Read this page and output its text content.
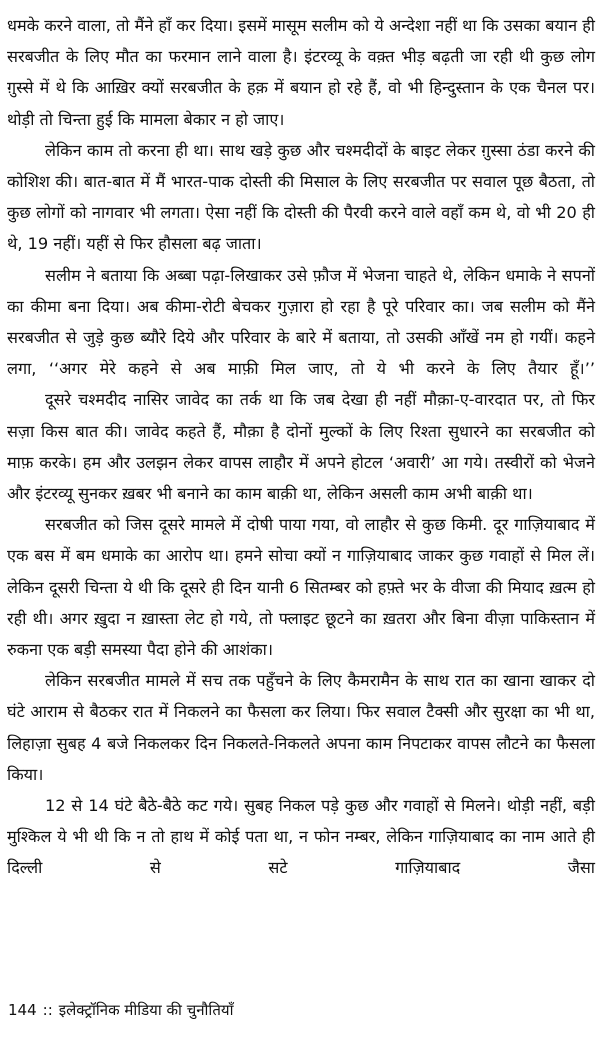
धमके करने वाला, तो मैंने हाँ कर दिया। इसमें मासूम सलीम को ये अन्देशा नहीं था कि उसका बयान ही सरबजीत के लिए मौत का फरमान लाने वाला है। इंटरव्यू के वक़्त भीड़ बढ़ती जा रही थी कुछ लोग ग़ुस्से में थे कि आख़िर क्यों सरबजीत के हक़ में बयान हो रहे हैं, वो भी हिन्दुस्तान के एक चैनल पर। थोड़ी तो चिन्ता हुई कि मामला बेकार न हो जाए।

लेकिन काम तो करना ही था। साथ खड़े कुछ और चश्मदीदों के बाइट लेकर ग़ुस्सा ठंडा करने की कोशिश की। बात-बात में मैं भारत-पाक दोस्ती की मिसाल के लिए सरबजीत पर सवाल पूछ बैठता, तो कुछ लोगों को नागवार भी लगता। ऐसा नहीं कि दोस्ती की पैरवी करने वाले वहाँ कम थे, वो भी 20 ही थे, 19 नहीं। यहीं से फिर हौसला बढ़ जाता।

सलीम ने बताया कि अब्बा पढ़ा-लिखाकर उसे फ़ौज में भेजना चाहते थे, लेकिन धमाके ने सपनों का कीमा बना दिया। अब कीमा-रोटी बेचकर गुज़ारा हो रहा है पूरे परिवार का। जब सलीम को मैंने सरबजीत से जुड़े कुछ ब्यौरे दिये और परिवार के बारे में बताया, तो उसकी आँखें नम हो गयीं। कहने लगा, ‘‘अगर मेरे कहने से अब माफ़ी मिल जाए, तो ये भी करने के लिए तैयार हूँ।’’

दूसरे चश्मदीद नासिर जावेद का तर्क था कि जब देखा ही नहीं मौक़ा-ए-वारदात पर, तो फिर सज़ा किस बात की। जावेद कहते हैं, मौक़ा है दोनों मुल्कों के लिए रिश्ता सुधारने का सरबजीत को माफ़ करके। हम और उलझन लेकर वापस लाहौर में अपने होटल ‘अवारी’ आ गये। तस्वीरों को भेजने और इंटरव्यू सुनकर ख़बर भी बनाने का काम बाक़ी था, लेकिन असली काम अभी बाक़ी था।

सरबजीत को जिस दूसरे मामले में दोषी पाया गया, वो लाहौर से कुछ किमी. दूर गाज़ियाबाद में एक बस में बम धमाके का आरोप था। हमने सोचा क्यों न गाज़ियाबाद जाकर कुछ गवाहों से मिल लें। लेकिन दूसरी चिन्ता ये थी कि दूसरे ही दिन यानी 6 सितम्बर को हफ़्ते भर के वीजा की मियाद ख़त्म हो रही थी। अगर ख़ुदा न ख़ास्ता लेट हो गये, तो फ्लाइट छूटने का ख़तरा और बिना वीज़ा पाकिस्तान में रुकना एक बड़ी समस्या पैदा होने की आशंका।

लेकिन सरबजीत मामले में सच तक पहुँचने के लिए कैमरामैन के साथ रात का खाना खाकर दो घंटे आराम से बैठकर रात में निकलने का फैसला कर लिया। फिर सवाल टैक्सी और सुरक्षा का भी था, लिहाज़ा सुबह 4 बजे निकलकर दिन निकलते-निकलते अपना काम निपटाकर वापस लौटने का फैसला किया।

12 से 14 घंटे बैठे-बैठे कट गये। सुबह निकल पड़े कुछ और गवाहों से मिलने। थोड़ी नहीं, बड़ी मुश्किल ये भी थी कि न तो हाथ में कोई पता था, न फोन नम्बर, लेकिन गाज़ियाबाद का नाम आते ही दिल्ली से सटे गाज़ियाबाद जैसा

144 :: इलेक्ट्रॉनिक मीडिया की चुनौतियाँ
